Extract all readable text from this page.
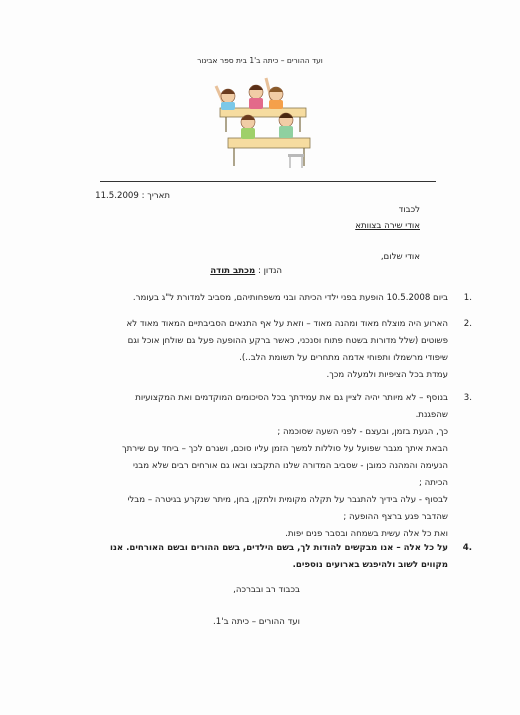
ועד ההורים – כיתה ב'1 בית ספר אבינור
תאריך : 11.5.2009
לכבוד
אודי שירה בצוותא
אודי שלום,
הנדון : מכתב תודה
1.
ביום 10.5.2008 הופעת בפני ילדי הכיתה ובני משפחותיהם, מסביב למדורת ל"ג בעומר.
2.
הארוע היה מוצלח מאוד ומהנה מאוד – וזאת על אף התנאים הסביבתיים המאוד מאוד לא
פשוטים (שלל מדורות בשטח פתוח וסנכני, כאשר ברקע ההופעה פעל גם שולחן אוכל וגם
שיפודי מרשמלו ותפוחי אדמה מתחרים על תשומת הלב..).
עמדת בכל הציפיות ולמעלה מכך.
3.
בנוסף – לא מיותר יהיה לציין גם את עמידתך בכל הסיכומים המוקדמים ואת המקצועיות
שהפגנת.
כך, הגעת בזמן, ובעצם - לפני השעה שסוכמה ;
הבאת איתך מגבר שפועל על סוללות למשך הזמן עליו סוכם, ושגרם לכך – ביחד עם שירתך
הנעימה והמהנה כמובן - שסביב המדורה שלנו התקבצו ובאו גם אורחים רבים שלא מבני
הכיתה ;
לבסוף - עלה בידיך להתגבר על תקלה מקומית ולתקן, בחן, מיתר שנקרע בגיטרה – מבלי
שהדבר פגע ברצף ההופעה ;
ואת כל אלה עשית בשמחה ובסבר פנים יפות.
4.
על כל אלה – אנו מבקשים להודות לך, בשם הילדים, בשם ההורים ובשם האורחים. אנו
מקווים לשוב ולהיפגש בארועים נוספים.
בכבוד רב ובברכה,
ועד ההורים – כיתה ב'1.
